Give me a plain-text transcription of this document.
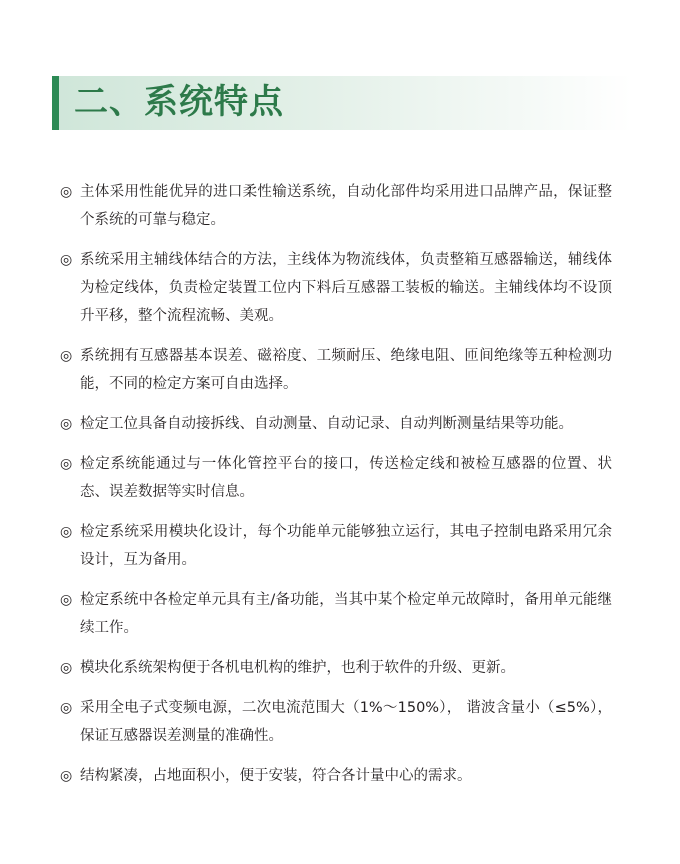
二、系统特点
◎ 主体采用性能优异的进口柔性输送系统，自动化部件均采用进口品牌产品，保证整个系统的可靠与稳定。
◎ 系统采用主辅线体结合的方法，主线体为物流线体，负责整箱互感器输送，辅线体为检定线体，负责检定装置工位内下料后互感器工装板的输送。主辅线体均不设顶升平移，整个流程流畅、美观。
◎ 系统拥有互感器基本误差、磁裕度、工频耐压、绝缘电阻、匝间绝缘等五种检测功能，不同的检定方案可自由选择。
◎ 检定工位具备自动接拆线、自动测量、自动记录、自动判断测量结果等功能。
◎ 检定系统能通过与一体化管控平台的接口，传送检定线和被检互感器的位置、状态、误差数据等实时信息。
◎ 检定系统采用模块化设计，每个功能单元能够独立运行，其电子控制电路采用冗余设计，互为备用。
◎ 检定系统中各检定单元具有主/备功能，当其中某个检定单元故障时，备用单元能继续工作。
◎ 模块化系统架构便于各机电机构的维护，也利于软件的升级、更新。
◎ 采用全电子式变频电源，二次电流范围大（1%～150%）， 谐波含量小（≤5%），保证互感器误差测量的准确性。
◎ 结构紧凑，占地面积小，便于安装，符合各计量中心的需求。
